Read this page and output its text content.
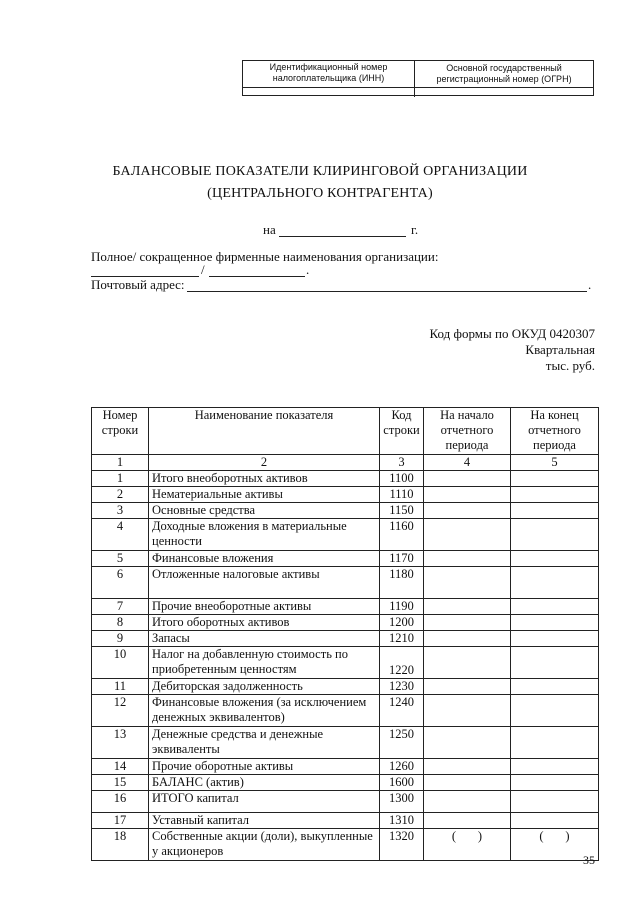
Идентификационный номер налогоплательщика (ИНН)
Основной государственный регистрационный номер (ОГРН)
БАЛАНСОВЫЕ ПОКАЗАТЕЛИ КЛИРИНГОВОЙ ОРГАНИЗАЦИИ
(ЦЕНТРАЛЬНОГО КОНТРАГЕНТА)
на	г.
Полное/ сокращенное фирменные наименования организации:
/	.
Почтовый адрес:	.
Код формы по ОКУД 0420307
Квартальная
тыс. руб.
Номер строки	Наименование показателя	Код строки	На начало отчетного периода	На конец отчетного периода
1	2	3	4	5
1	Итого внеоборотных активов	1100		
2	Нематериальные активы	1110		
3	Основные средства	1150		
4	Доходные вложения в материальные ценности	1160		
5	Финансовые вложения	1170		
6	Отложенные налоговые активы	1180		
7	Прочие внеоборотные активы	1190		
8	Итого оборотных активов	1200		
9	Запасы	1210		
10	Налог на добавленную стоимость по приобретенным ценностям	1220		
11	Дебиторская задолженность	1230		
12	Финансовые вложения (за исключением денежных эквивалентов)	1240		
13	Денежные средства и денежные эквиваленты	1250		
14	Прочие оборотные активы	1260		
15	БАЛАНС (актив)	1600		
16	ИТОГО капитал	1300		
17	Уставный капитал	1310		
18	Собственные акции (доли), выкупленные у акционеров	1320	(       )	(       )
35
